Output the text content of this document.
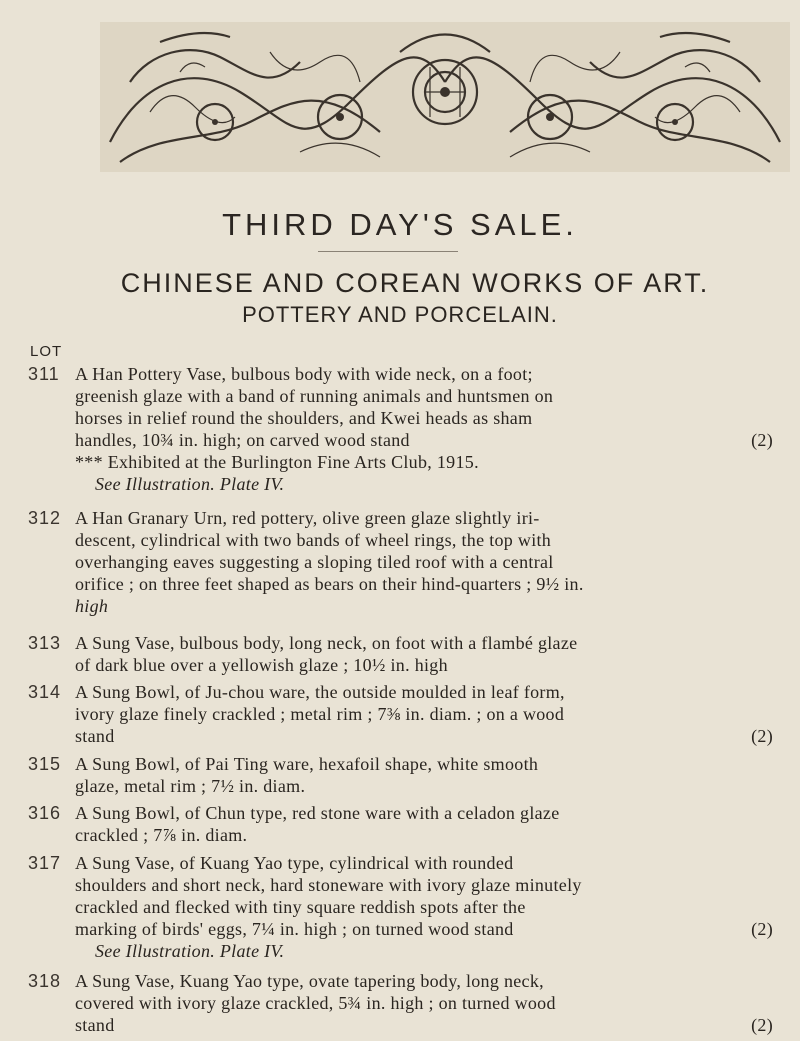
THIRD DAY'S SALE.
CHINESE AND COREAN WORKS OF ART.
POTTERY AND PORCELAIN.
LOT
311 A Han Pottery Vase, bulbous body with wide neck, on a foot;
greenish glaze with a band of running animals and huntsmen on
horses in relief round the shoulders, and Kwei heads as sham
handles, 10¾ in. high; on carved wood stand	(2)
*** Exhibited at the Burlington Fine Arts Club, 1915.
See Illustration. Plate IV.
312 A Han Granary Urn, red pottery, olive green glaze slightly iri-
descent, cylindrical with two bands of wheel rings, the top with
overhanging eaves suggesting a sloping tiled roof with a central
orifice ; on three feet shaped as bears on their hind-quarters ; 9½ in.
high
313 A Sung Vase, bulbous body, long neck, on foot with a flambé glaze
of dark blue over a yellowish glaze ; 10½ in. high
314 A Sung Bowl, of Ju-chou ware, the outside moulded in leaf form,
ivory glaze finely crackled ; metal rim ; 7⅜ in. diam. ; on a wood
stand	(2)
315 A Sung Bowl, of Pai Ting ware, hexafoil shape, white smooth
glaze, metal rim ; 7½ in. diam.
316 A Sung Bowl, of Chun type, red stone ware with a celadon glaze
crackled ; 7⅞ in. diam.
317 A Sung Vase, of Kuang Yao type, cylindrical with rounded
shoulders and short neck, hard stoneware with ivory glaze minutely
crackled and flecked with tiny square reddish spots after the
marking of birds' eggs, 7¼ in. high ; on turned wood stand	(2)
See Illustration. Plate IV.
318 A Sung Vase, Kuang Yao type, ovate tapering body, long neck,
covered with ivory glaze crackled, 5¾ in. high ; on turned wood
stand	(2)
